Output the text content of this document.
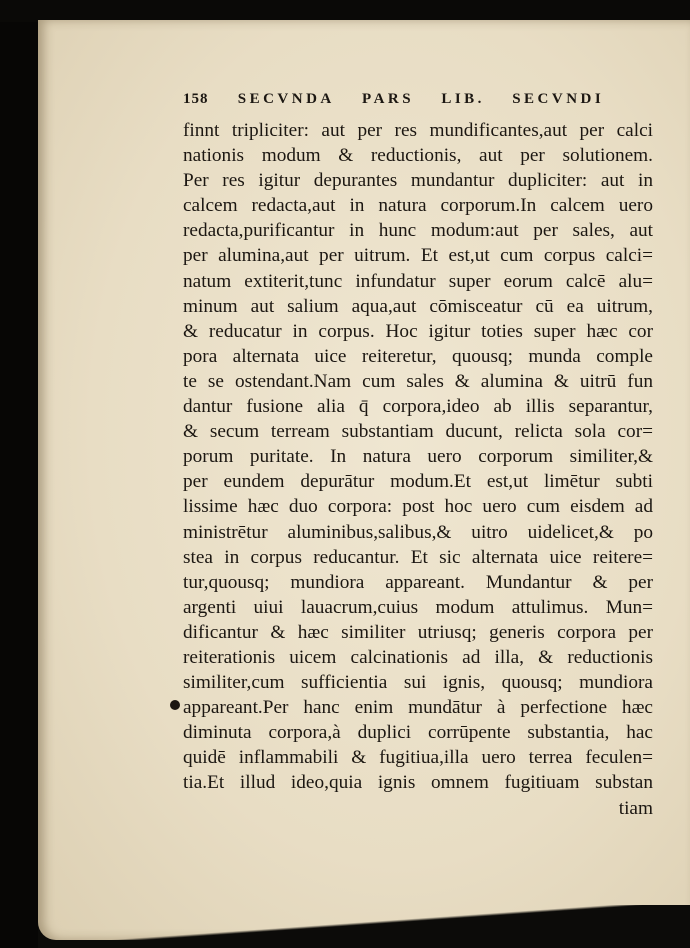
158 SECVNDA PARS LIB. SECVNDI
finnt tripliciter: aut per res mundificantes,aut per calci
nationis modum & reductionis, aut per solutionem.
Per res igitur depurantes mundantur dupliciter: aut in
calcem redacta,aut in natura corporum.In calcem uero
redacta,purificantur in hunc modum:aut per sales, aut
per alumina,aut per uitrum. Et est,ut cum corpus calci=
natum extiterit,tunc infundatur super eorum calcē alu=
minum aut salium aqua,aut cōmisceatur cū ea uitrum,
& reducatur in corpus. Hoc igitur toties super hæc cor
pora alternata uice reiteretur, quousq; munda comple
te se ostendant.Nam cum sales & alumina & uitrū fun
dantur fusione alia q̄ corpora,ideo ab illis separantur,
& secum terream substantiam ducunt, relicta sola cor=
porum puritate. In natura uero corporum similiter,&
per eundem depurātur modum.Et est,ut limētur subti
lissime hæc duo corpora: post hoc uero cum eisdem ad
ministrētur aluminibus,salibus,& uitro uidelicet,& po
stea in corpus reducantur. Et sic alternata uice reitere=
tur,quousq; mundiora appareant. Mundantur & per
argenti uiui lauacrum,cuius modum attulimus. Mun=
dificantur & hæc similiter utriusq; generis corpora per
reiterationis uicem calcinationis ad illa, & reductionis
similiter,cum sufficientia sui ignis, quousq; mundiora
appareant.Per hanc enim mundātur à perfectione hæc
diminuta corpora,à duplici corrūpente substantia, hac
quidē inflammabili & fugitiua,illa uero terrea feculen=
tia.Et illud ideo,quia ignis omnem fugitiuam substan
tiam
